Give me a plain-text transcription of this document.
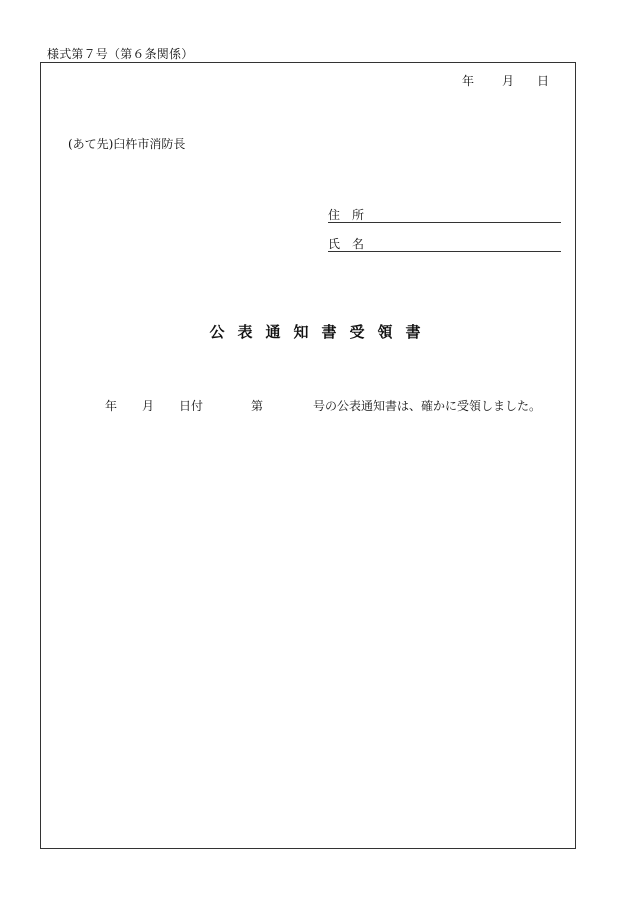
様式第７号（第６条関係）
年 月 日
(あて先)臼杵市消防長
住所
氏名
公表通知書受領書
年 月 日付	第	号の公表通知書は、確かに受領しました。
